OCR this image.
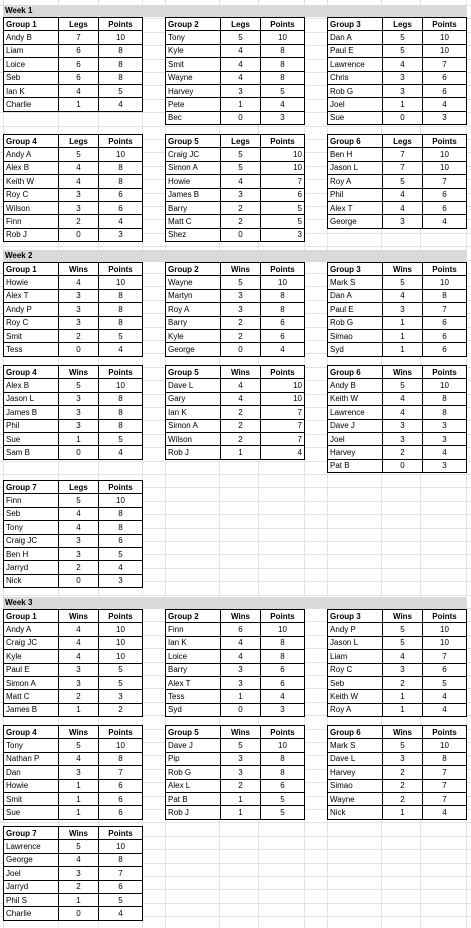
Week 1
Group 1	Legs	Points
Andy B	7	10
Liam	6	8
Loice	6	8
Seb	6	8
Ian K	4	5
Charlie	1	4
Group 2	Legs	Points
Tony	5	10
Kyle	4	8
Smit	4	8
Wayne	4	8
Harvey	3	5
Pete	1	4
Bec	0	3
Group 3	Legs	Points
Dan A	5	10
Paul E	5	10
Lawrence	4	7
Chris	3	6
Rob G	3	6
Joel	1	4
Sue	0	3
Group 4	Legs	Points
Andy A	5	10
Alex B	4	8
Keith W	4	8
Roy C	3	6
Wilson	3	6
Finn	2	4
Rob J	0	3
Group 5	Legs	Points
Craig JC	5	10
Simon A	5	10
Howie	4	7
James B	3	6
Barry	2	5
Matt C	2	5
Shez	0	3
Group 6	Legs	Points
Ben H	7	10
Jason L	7	10
Roy A	5	7
Phil	4	6
Alex T	4	6
George	3	4
Week 2
Group 1	Wins	Points
Howie	4	10
Alex T	3	8
Andy P	3	8
Roy C	3	8
Smit	2	5
Tess	0	4
Group 2	Wins	Points
Wayne	5	10
Martyn	3	8
Roy A	3	8
Barry	2	6
Kyle	2	6
George	0	4
Group 3	Wins	Points
Mark S	5	10
Dan A	4	8
Paul E	3	7
Rob G	1	6
Simao	1	6
Syd	1	6
Group 4	Wins	Points
Alex B	5	10
Jason L	3	8
James B	3	8
Phil	3	8
Sue	1	5
Sam B	0	4
Group 5	Wins	Points
Dave L	4	10
Gary	4	10
Ian K	2	7
Simon A	2	7
Wilson	2	7
Rob J	1	4
Group 6	Wins	Points
Andy B	5	10
Keith W	4	8
Lawrence	4	8
Dave J	3	3
Joel	3	3
Harvey	2	4
Pat B	0	3
Group 7	Legs	Points
Finn	5	10
Seb	4	8
Tony	4	8
Craig JC	3	6
Ben H	3	5
Jarryd	2	4
Nick	0	3
Week 3
Group 1	Wins	Points
Andy A	4	10
Craig JC	4	10
Kyle	4	10
Paul E	3	5
Simon A	3	5
Matt C	2	3
James B	1	2
Group 2	Wins	Points
Finn	6	10
Ian K	4	8
Loice	4	8
Barry	3	6
Alex T	3	6
Tess	1	4
Syd	0	3
Group 3	Wins	Points
Andy P	5	10
Jason L	5	10
Liam	4	7
Roy C	3	6
Seb	2	5
Keith W	1	4
Roy A	1	4
Group 4	Wins	Points
Tony	5	10
Nathan P	4	8
Dan	3	7
Howie	1	6
Smit	1	6
Sue	1	6
Group 5	Wins	Points
Dave J	5	10
Pip	3	8
Rob G	3	8
Alex L	2	6
Pat B	1	5
Rob J	1	5
Group 6	Wins	Points
Mark S	5	10
Dave L	3	8
Harvey	2	7
Simao	2	7
Wayne	2	7
Nick	1	4
Group 7	Wins	Points
Lawrence	5	10
George	4	8
Joel	3	7
Jarryd	2	6
Phil S	1	5
Charlie	0	4
